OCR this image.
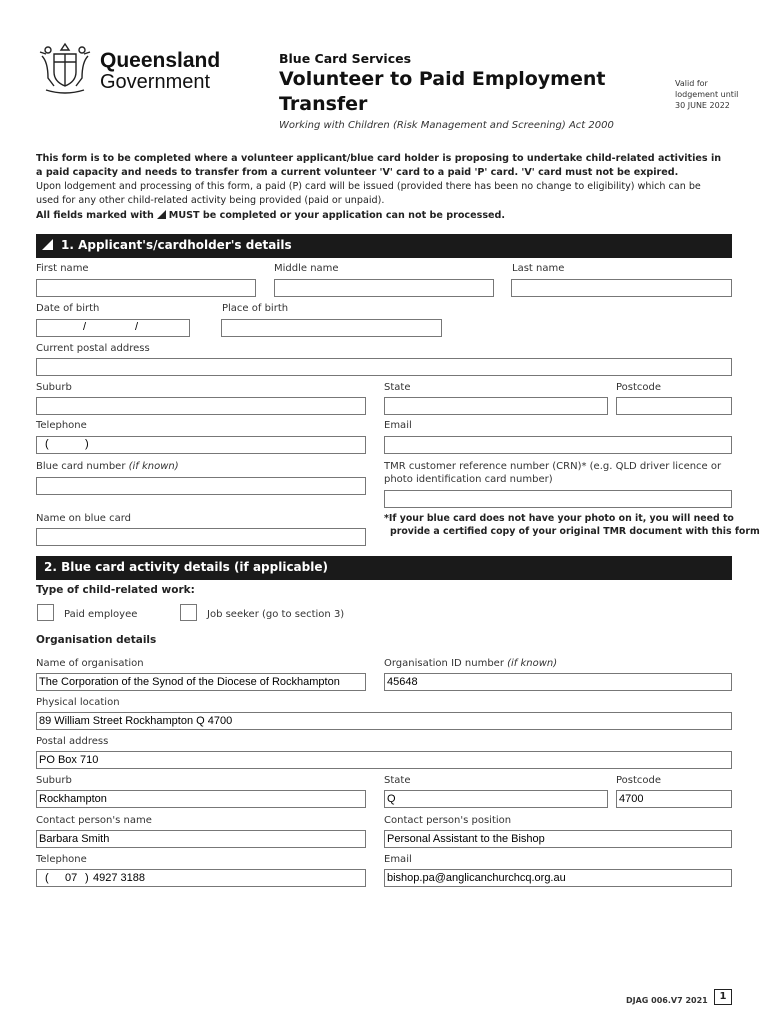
Queensland
Government
Blue Card Services
Volunteer to Paid Employment
Transfer
Valid for
lodgement until
30 JUNE 2022
Working with Children (Risk Management and Screening) Act 2000
This form is to be completed where a volunteer applicant/blue card holder is proposing to undertake child-related activities in a paid capacity and needs to transfer from a current volunteer 'V' card to a paid 'P' card. 'V' card must not be expired.
Upon lodgement and processing of this form, a paid (P) card will be issued (provided there has been no change to eligibility) which can be used for any other child-related activity being provided (paid or unpaid).
All fields marked with MUST be completed or your application can not be processed.
1. Applicant's/cardholder's details
First name	Middle name	Last name
Date of birth	Place of birth
/	/
Current postal address
Suburb	State	Postcode
Telephone	Email
(	)
Blue card number (if known)	TMR customer reference number (CRN)* (e.g. QLD driver licence or
photo identification card number)
Name on blue card	*If your blue card does not have your photo on it, you will need to
provide a certified copy of your original TMR document with this form
2. Blue card activity details (if applicable)
Type of child-related work:
Paid employee	Job seeker (go to section 3)
Organisation details
Name of organisation	Organisation ID number (if known)
The Corporation of the Synod of the Diocese of Rockhampton	45648
Physical location
89 William Street Rockhampton Q 4700
Postal address
PO Box 710
Suburb	State	Postcode
Rockhampton	Q	4700
Contact person's name	Contact person's position
Barbara Smith	Personal Assistant to the Bishop
Telephone	Email
( 07 ) 4927 3188	bishop.pa@anglicanchurchcq.org.au
DJAG 006.V7 2021	1
